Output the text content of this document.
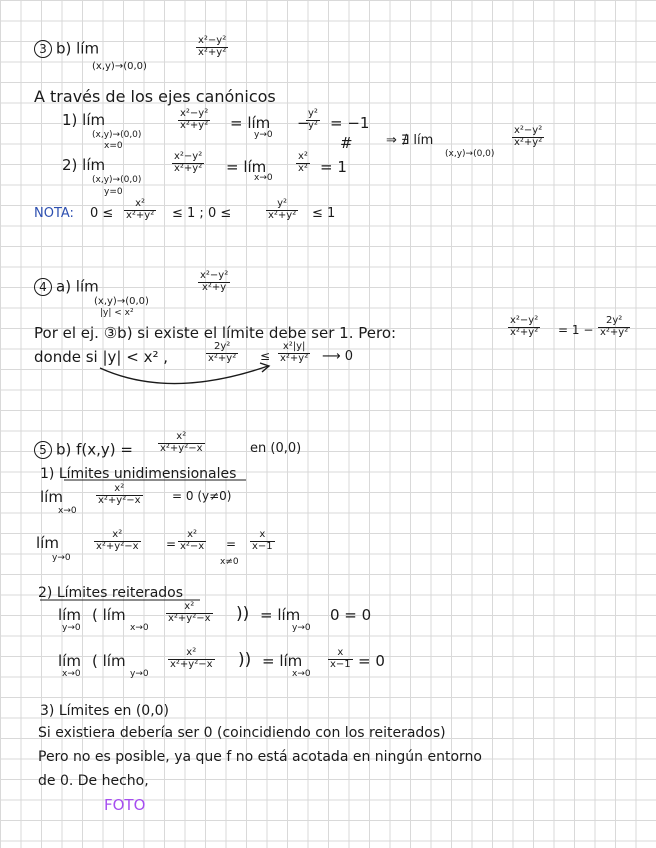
3 b) lím
(x,y)→(0,0)
$\frac{\text{x²−y²}}{\text{x²+y²}}$
A través de los ejes canónicos
1) lím
(x,y)→(0,0)
x=0
$\frac{\text{x²−y²}}{\text{x²+y²}}$ = lím
y→0
−
$\frac{\text{y²}}{\text{y²}} = -1$
#	⇒ ∄ lím
(x,y)→(0,0)
$\frac{\text{x²−y²}}{\text{x²+y²}}$
2) lím
(x,y)→(0,0)
y=0
$\frac{\text{x²−y²}}{\text{x²+y²}}$ = lím
x→0
$\frac{\text{x²}}{\text{x²}} = 1$
NOTA: $0 \le \frac{\text{x²}}{\text{x²+y²}} \le 1$ ; 0 ≤	$\frac{\text{y²}}{\text{x²+y²}} \le 1$
4 a) lím
(x,y)→(0,0)
|y| < x²
$\frac{\text{x²−y²}}{\text{x²+y}}$
Por el ej. ③b) si existe el límite debe ser 1. Pero:	$\frac{\text{x²−y²}}{\text{x²+y²}} = 1 - \frac{\text{2y²}}{\text{x²+y²}}$
donde si |y| < x² ,	$\frac{\text{2y²}}{\text{x²+y²}} \le \frac{\text{x²|y|}}{\text{x²+y²}}$ ⟶ 0
5 b) f(x,y) =	$\frac{\text{x²}}{\text{x²+y²−x}}$	en (0,0)
1) Límites unidimensionales
lím
x→0
$\frac{\text{x²}}{\text{x²+y²−x}} = 0$ (y≠0)
lím
y→0
$\frac{\text{x²}}{\text{x²+y²−x}} = \frac{\text{x²}}{\text{x²−x}}$ =
x≠0
$\frac{x}{x-1}$
2) Límites reiterados
lím
y→0
( lím
x→0
$\frac{\text{x²}}{\text{x²+y²−x}}$ )) = lím
y→0
0 = 0
lím
x→0
( lím
y→0
$\frac{\text{x²}}{\text{x²+y²−x}}$ )) = lím
x→0
$\frac{x}{x-1} = 0$
3) Límites en (0,0)
Si existiera debería ser 0 (coincidiendo con los reiterados)
Pero no es posible, ya que f no está acotada en ningún entorno
de 0. De hecho,
FOTO
